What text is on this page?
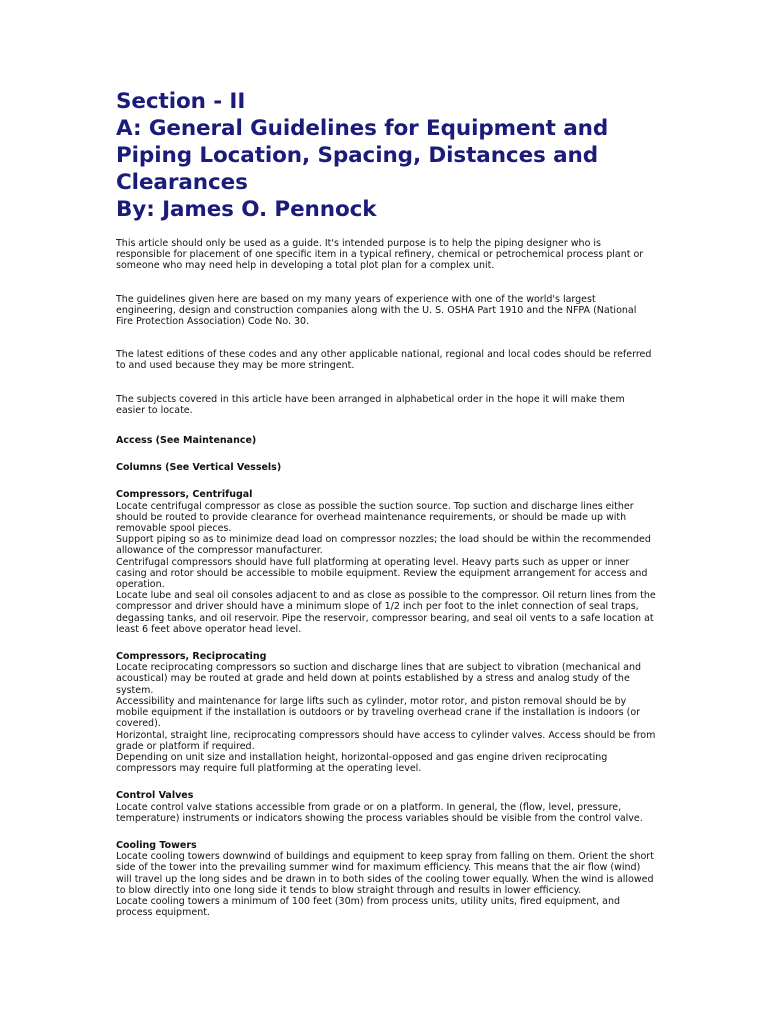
Section - II
A: General Guidelines for Equipment and
Piping Location, Spacing, Distances and
Clearances
By: James O. Pennock

This article should only be used as a guide. It's intended purpose is to help the piping designer who is responsible for placement of one specific item in a typical refinery, chemical or petrochemical process plant or someone who may need help in developing a total plot plan for a complex unit.

The guidelines given here are based on my many years of experience with one of the world's largest engineering, design and construction companies along with the U. S. OSHA Part 1910 and the NFPA (National Fire Protection Association) Code No. 30.

The latest editions of these codes and any other applicable national, regional and local codes should be referred to and used because they may be more stringent.

The subjects covered in this article have been arranged in alphabetical order in the hope it will make them easier to locate.

Access (See Maintenance)

Columns (See Vertical Vessels)

Compressors, Centrifugal

Locate centrifugal compressor as close as possible the suction source. Top suction and discharge lines either should be routed to provide clearance for overhead maintenance requirements, or should be made up with removable spool pieces.

Support piping so as to minimize dead load on compressor nozzles; the load should be within the recommended allowance of the compressor manufacturer.

Centrifugal compressors should have full platforming at operating level. Heavy parts such as upper or inner casing and rotor should be accessible to mobile equipment. Review the equipment arrangement for access and operation.

Locate lube and seal oil consoles adjacent to and as close as possible to the compressor. Oil return lines from the compressor and driver should have a minimum slope of 1/2 inch per foot to the inlet connection of seal traps, degassing tanks, and oil reservoir. Pipe the reservoir, compressor bearing, and seal oil vents to a safe location at least 6 feet above operator head level.

Compressors, Reciprocating

Locate reciprocating compressors so suction and discharge lines that are subject to vibration (mechanical and acoustical) may be routed at grade and held down at points established by a stress and analog study of the system.

Accessibility and maintenance for large lifts such as cylinder, motor rotor, and piston removal should be by mobile equipment if the installation is outdoors or by traveling overhead crane if the installation is indoors (or covered).

Horizontal, straight line, reciprocating compressors should have access to cylinder valves. Access should be from grade or platform if required.

Depending on unit size and installation height, horizontal-opposed and gas engine driven reciprocating compressors may require full platforming at the operating level.

Control Valves

Locate control valve stations accessible from grade or on a platform. In general, the (flow, level, pressure, temperature) instruments or indicators showing the process variables should be visible from the control valve.

Cooling Towers

Locate cooling towers downwind of buildings and equipment to keep spray from falling on them. Orient the short side of the tower into the prevailing summer wind for maximum efficiency. This means that the air flow (wind) will travel up the long sides and be drawn in to both sides of the cooling tower equally. When the wind is allowed to blow directly into one long side it tends to blow straight through and results in lower efficiency.

Locate cooling towers a minimum of 100 feet (30m) from process units, utility units, fired equipment, and process equipment.
